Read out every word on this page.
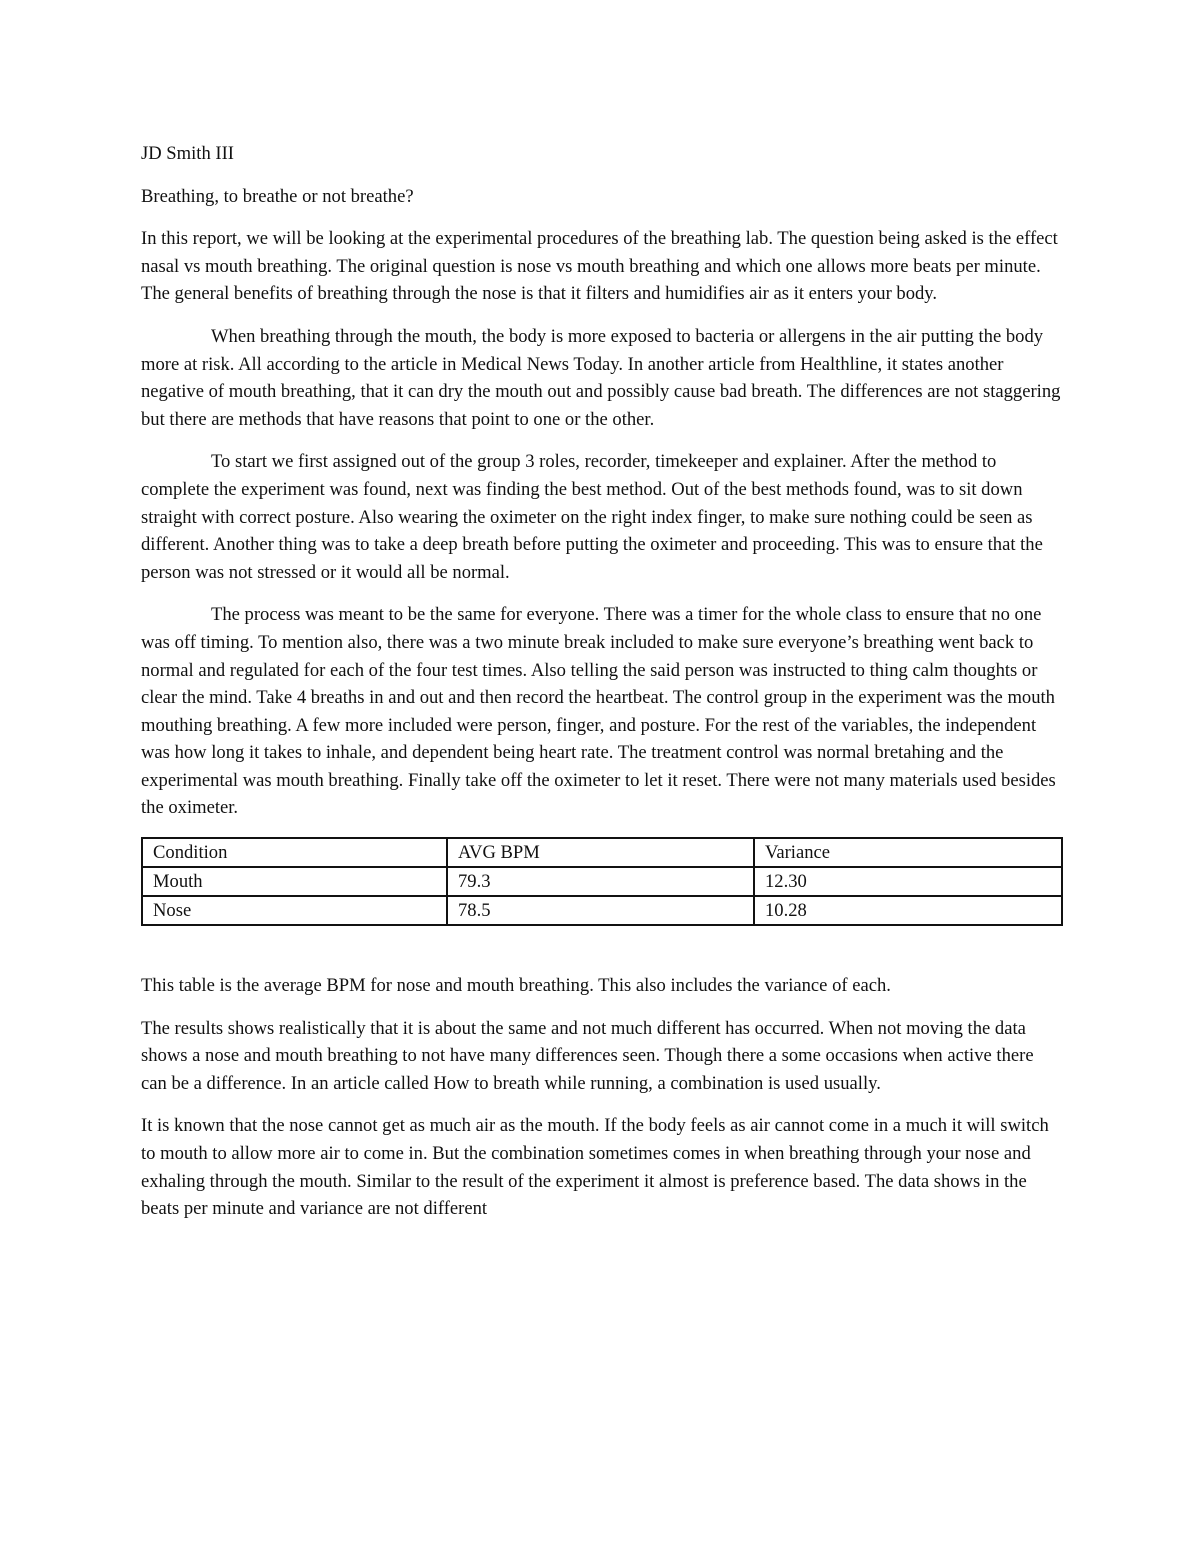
JD Smith III

Breathing, to breathe or not breathe?

In this report, we will be looking at the experimental procedures of the breathing lab. The question being asked is the effect nasal vs mouth breathing. The original question is nose vs mouth breathing and which one allows more beats per minute. The general benefits of breathing through the nose is that it filters and humidifies air as it enters your body.

When breathing through the mouth, the body is more exposed to bacteria or allergens in the air putting the body more at risk. All according to the article in Medical News Today. In another article from Healthline, it states another negative of mouth breathing, that it can dry the mouth out and possibly cause bad breath. The differences are not staggering but there are methods that have reasons that point to one or the other.

To start we first assigned out of the group 3 roles, recorder, timekeeper and explainer. After the method to complete the experiment was found, next was finding the best method. Out of the best methods found, was to sit down straight with correct posture. Also wearing the oximeter on the right index finger, to make sure nothing could be seen as different. Another thing was to take a deep breath before putting the oximeter and proceeding. This was to ensure that the person was not stressed or it would all be normal.

The process was meant to be the same for everyone. There was a timer for the whole class to ensure that no one was off timing. To mention also, there was a two minute break included to make sure everyone’s breathing went back to normal and regulated for each of the four test times. Also telling the said person was instructed to thing calm thoughts or clear the mind. Take 4 breaths in and out and then record the heartbeat. The control group in the experiment was the mouth mouthing breathing. A few more included were person, finger, and posture. For the rest of the variables, the independent was how long it takes to inhale, and dependent being heart rate. The treatment control was normal bretahing and the experimental was mouth breathing. Finally take off the oximeter to let it reset. There were not many materials used besides the oximeter.

Condition	AVG BPM	Variance
Mouth	79.3	12.30
Nose	78.5	10.28

This table is the average BPM for nose and mouth breathing. This also includes the variance of each.

The results shows realistically that it is about the same and not much different has occurred. When not moving the data shows a nose and mouth breathing to not have many differences seen. Though there a some occasions when active there can be a difference. In an article called How to breath while running, a combination is used usually.

It is known that the nose cannot get as much air as the mouth. If the body feels as air cannot come in a much it will switch to mouth to allow more air to come in. But the combination sometimes comes in when breathing through your nose and exhaling through the mouth. Similar to the result of the experiment it almost is preference based. The data shows in the beats per minute and variance are not different
